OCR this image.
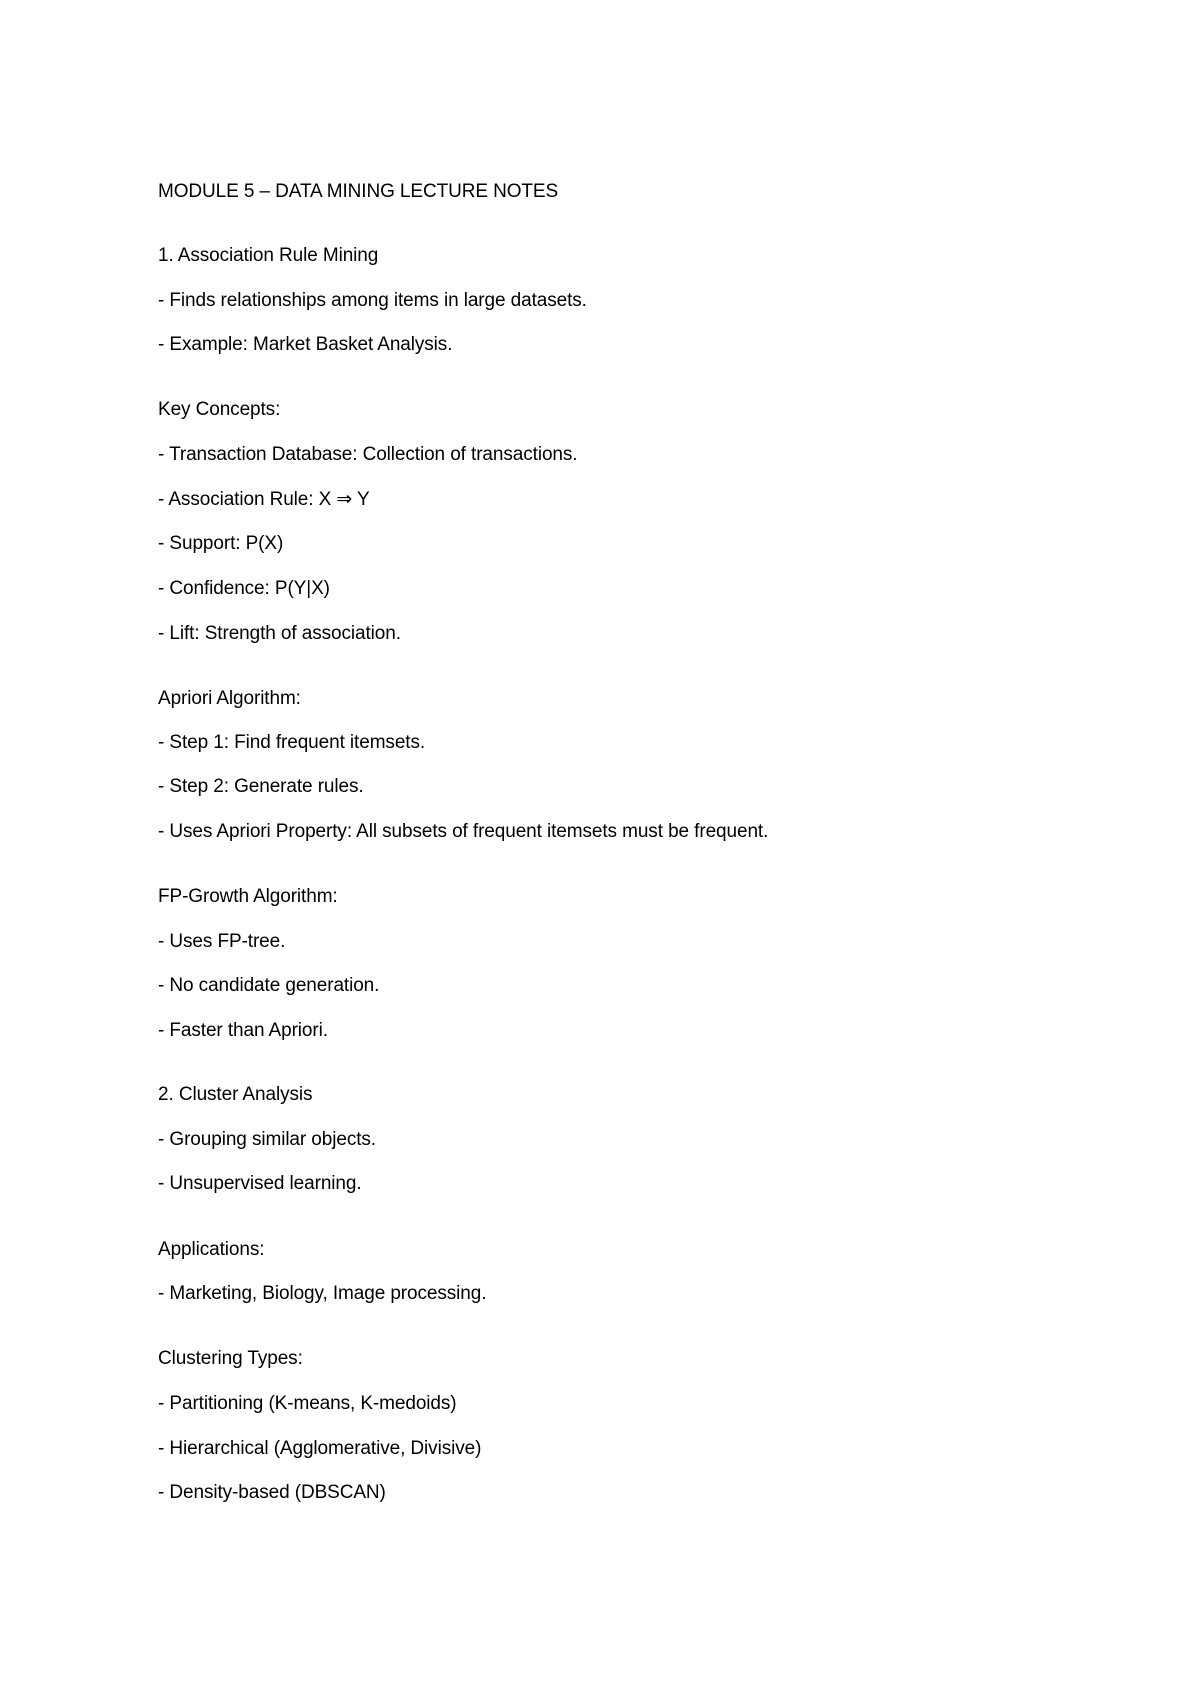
MODULE 5 – DATA MINING LECTURE NOTES
1. Association Rule Mining
- Finds relationships among items in large datasets.
- Example: Market Basket Analysis.
Key Concepts:
- Transaction Database: Collection of transactions.
- Association Rule: X ⇒ Y
- Support: P(X)
- Confidence: P(Y|X)
- Lift: Strength of association.
Apriori Algorithm:
- Step 1: Find frequent itemsets.
- Step 2: Generate rules.
- Uses Apriori Property: All subsets of frequent itemsets must be frequent.
FP-Growth Algorithm:
- Uses FP-tree.
- No candidate generation.
- Faster than Apriori.
2. Cluster Analysis
- Grouping similar objects.
- Unsupervised learning.
Applications:
- Marketing, Biology, Image processing.
Clustering Types:
- Partitioning (K-means, K-medoids)
- Hierarchical (Agglomerative, Divisive)
- Density-based (DBSCAN)
